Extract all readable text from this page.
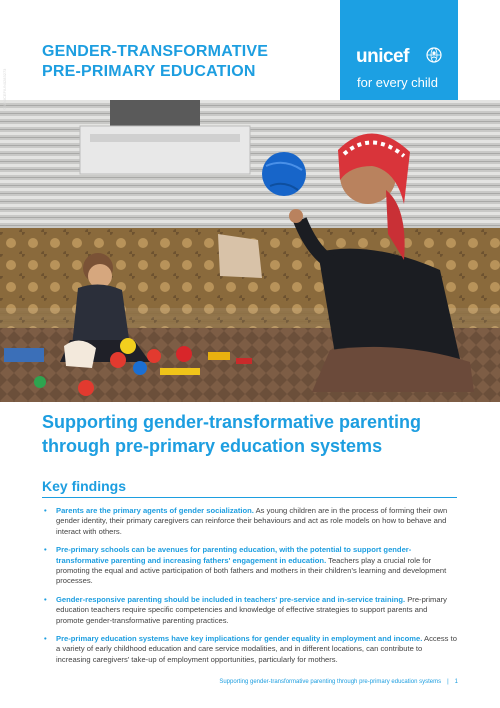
GENDER-TRANSFORMATIVE
PRE-PRIMARY EDUCATION
unicef
for every child
© UNICEF/UN0283273
Supporting gender-transformative parenting
through pre-primary education systems
Key findings
• Parents are the primary agents of gender socialization. As young children are in the process of forming their own gender identity, their primary caregivers can reinforce their behaviours and act as role models on how to behave and interact with others.
• Pre-primary schools can be avenues for parenting education, with the potential to support gender-transformative parenting and increasing fathers' engagement in education. Teachers play a crucial role for promoting the equal and active participation of both fathers and mothers in their children's learning and development processes.
• Gender-responsive parenting should be included in teachers' pre-service and in-service training. Pre-primary education teachers require specific competencies and knowledge of effective strategies to support parents and promote gender-transformative parenting practices.
• Pre-primary education systems have key implications for gender equality in employment and income. Access to a variety of early childhood education and care service modalities, and in different locations, can contribute to increasing caregivers' take-up of employment opportunities, particularly for mothers.
Supporting gender-transformative parenting through pre-primary education systems | 1
